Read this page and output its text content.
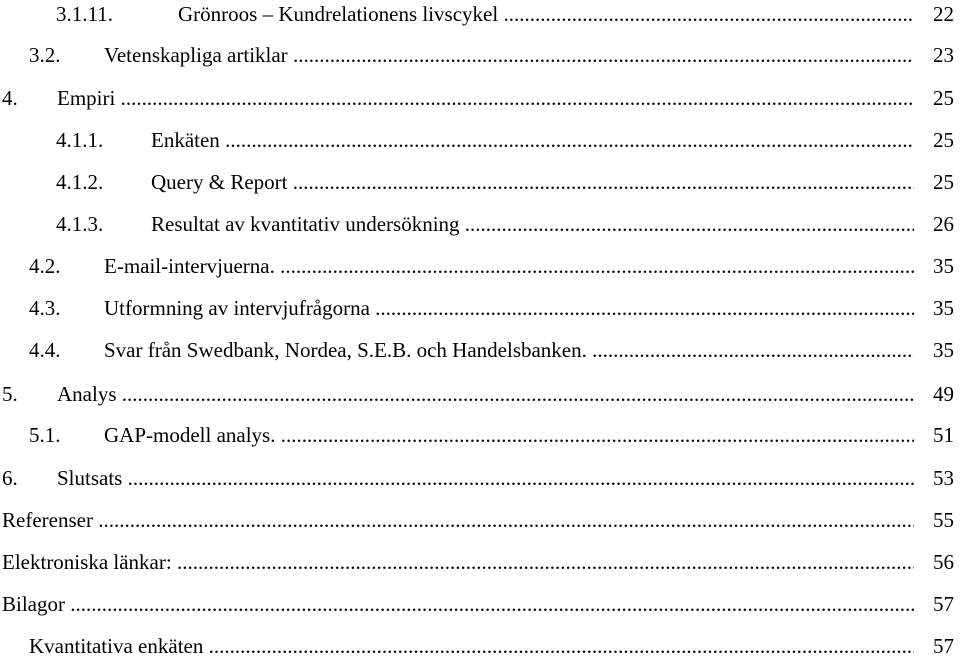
3.1.11.	Grönroos – Kundrelationens livscykel .....	22
3.2. Vetenskapliga artiklar .....	23
4. Empiri .....	25
4.1.1. Enkäten .....	25
4.1.2. Query & Report .....	25
4.1.3. Resultat av kvantitativ undersökning .....	26
4.2. E-mail-intervjuerna. .....	35
4.3. Utformning av intervjufrågorna .....	35
4.4. Svar från Swedbank, Nordea, S.E.B. och Handelsbanken. .....	35
5. Analys .....	49
5.1. GAP-modell analys. .....	51
6. Slutsats .....	53
Referenser .....	55
Elektroniska länkar: .....	56
Bilagor .....	57
Kvantitativa enkäten .....	57
